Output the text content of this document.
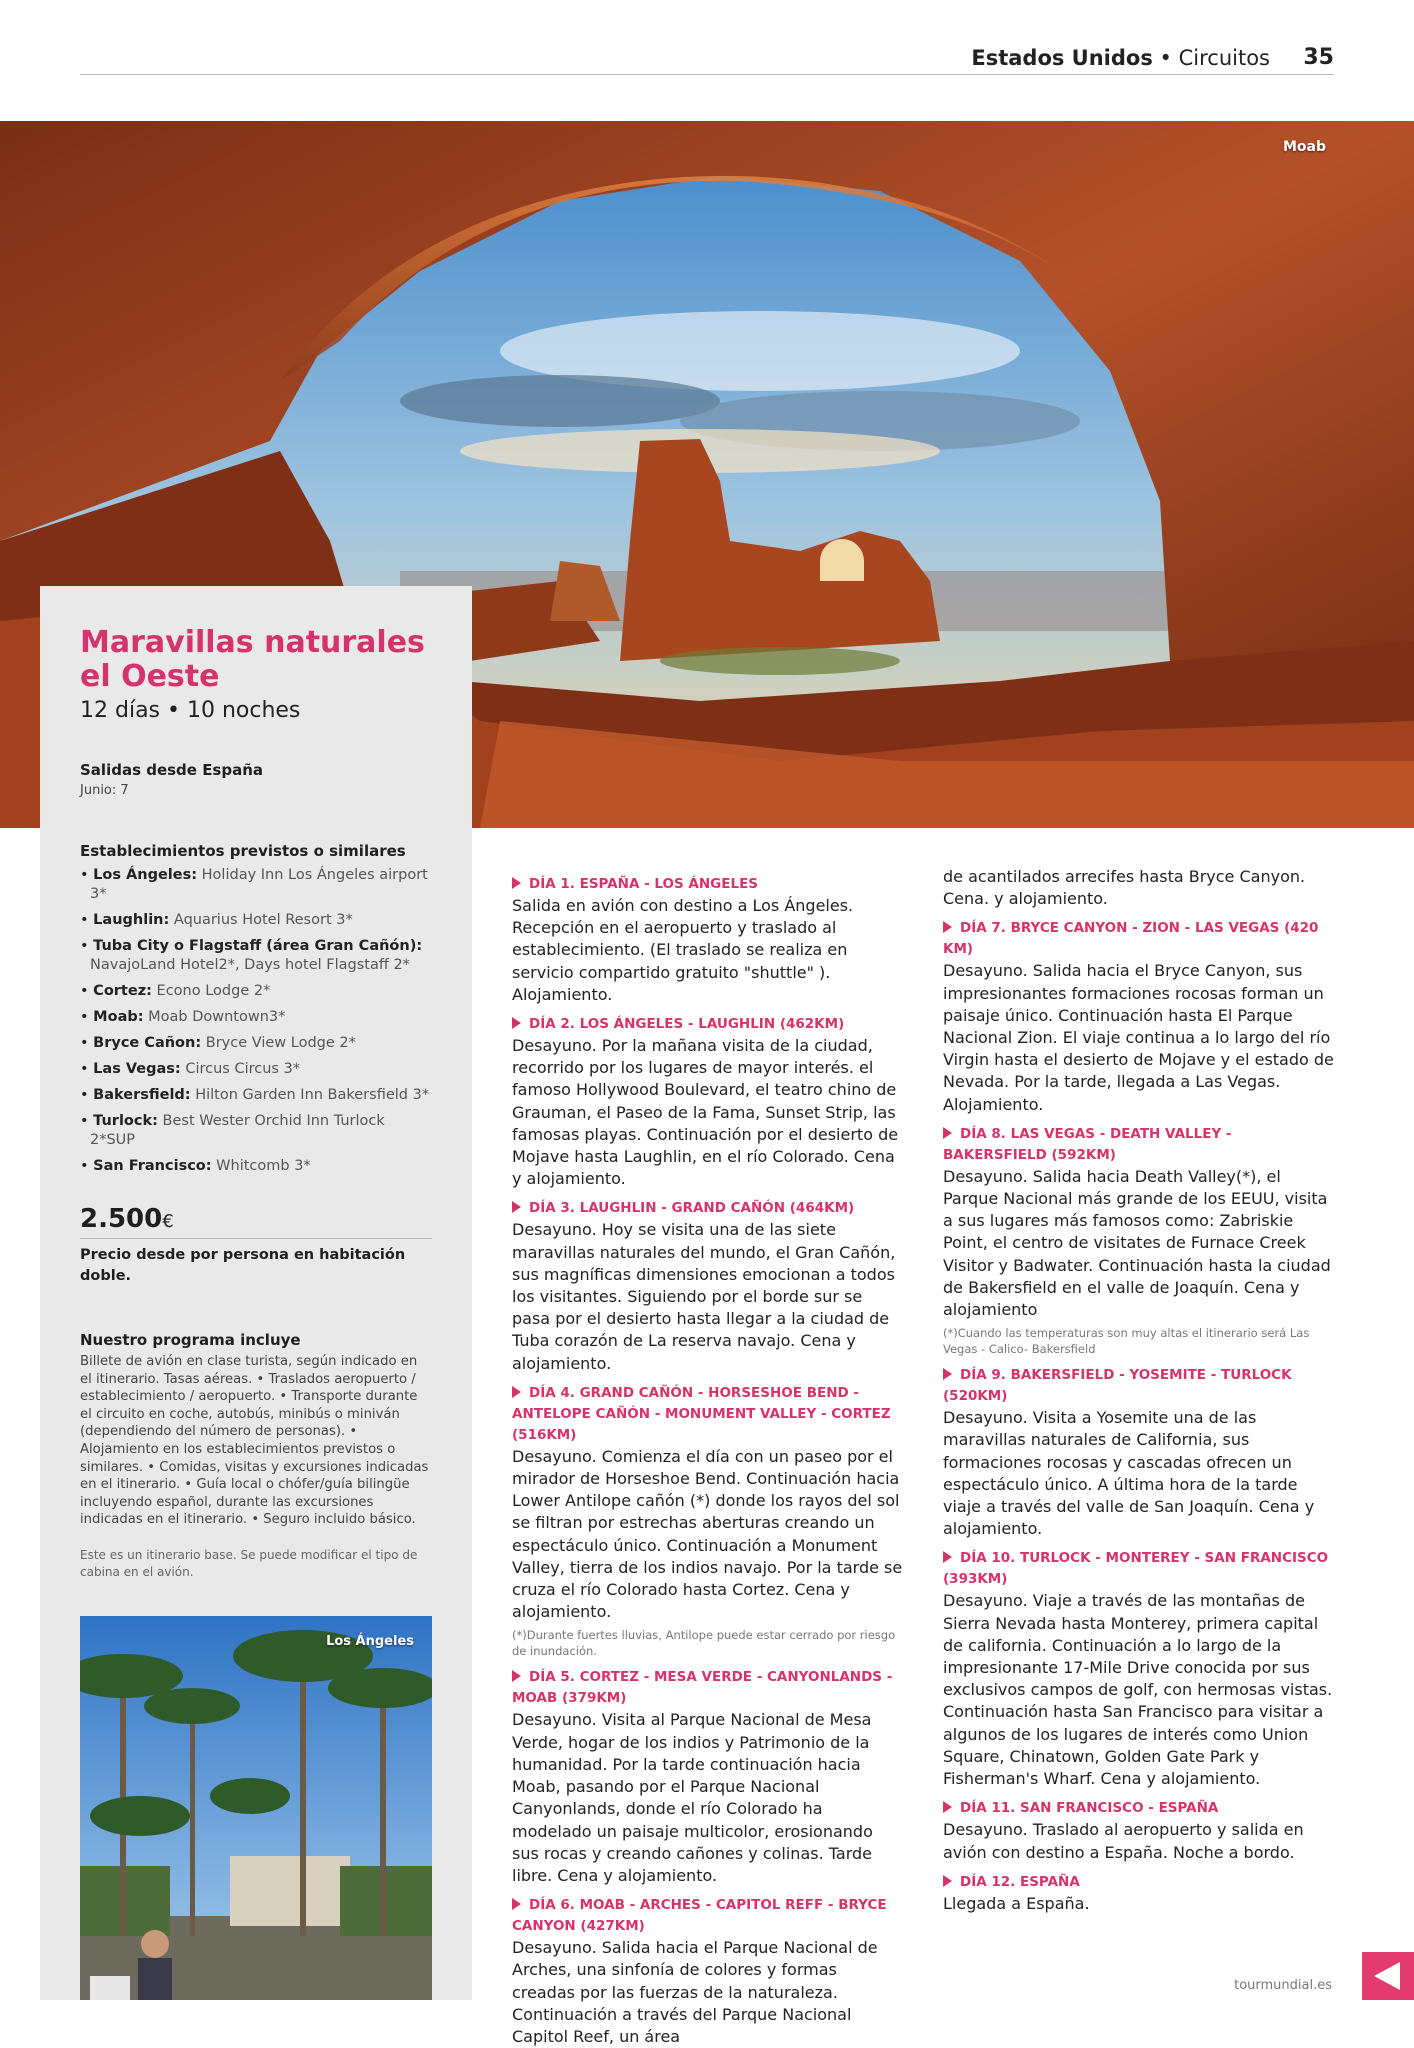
Estados Unidos • Circuitos 35
Moab
Maravillas naturales
el Oeste
12 días • 10 noches
Salidas desde España
Junio: 7
Establecimientos previstos o similares
• Los Ángeles: Holiday Inn Los Ángeles airport 3*
• Laughlin: Aquarius Hotel Resort 3*
• Tuba City o Flagstaff (área Gran Cañón): NavajoLand Hotel2*, Days hotel Flagstaff 2*
• Cortez: Econo Lodge 2*
• Moab: Moab Downtown3*
• Bryce Cañon: Bryce View Lodge 2*
• Las Vegas: Circus Circus 3*
• Bakersfield: Hilton Garden Inn Bakersfield 3*
• Turlock: Best Wester Orchid Inn Turlock 2*SUP
• San Francisco: Whitcomb 3*
2.500€
Precio desde por persona en habitación doble.
Nuestro programa incluye
Billete de avión en clase turista, según indicado en el itinerario. Tasas aéreas. • Traslados aeropuerto / establecimiento / aeropuerto. • Transporte durante el circuito en coche, autobús, minibús o miniván (dependiendo del número de personas). • Alojamiento en los establecimientos previstos o similares. • Comidas, visitas y excursiones indicadas en el itinerario. • Guía local o chófer/guía bilingüe incluyendo español, durante las excursiones indicadas en el itinerario. • Seguro incluido básico.
Este es un itinerario base. Se puede modificar el tipo de cabina en el avión.
Los Ángeles
DÍA 1. ESPAÑA - LOS ÁNGELES
Salida en avión con destino a Los Ángeles. Recepción en el aeropuerto y traslado al establecimiento. (El traslado se realiza en servicio compartido gratuito "shuttle" ). Alojamiento.
DÍA 2. LOS ÁNGELES - LAUGHLIN (462KM)
Desayuno. Por la mañana visita de la ciudad, recorrido por los lugares de mayor interés. el famoso Hollywood Boulevard, el teatro chino de Grauman, el Paseo de la Fama, Sunset Strip, las famosas playas. Continuación por el desierto de Mojave hasta Laughlin, en el río Colorado. Cena y alojamiento.
DÍA 3. LAUGHLIN - GRAND CAÑÓN (464KM)
Desayuno. Hoy se visita una de las siete maravillas naturales del mundo, el Gran Cañón, sus magníficas dimensiones emocionan a todos los visitantes. Siguiendo por el borde sur se pasa por el desierto hasta llegar a la ciudad de Tuba corazón de La reserva navajo. Cena y alojamiento.
DÍA 4. GRAND CAÑÓN - HORSESHOE BEND - ANTELOPE CAÑÓN - MONUMENT VALLEY - CORTEZ (516KM)
Desayuno. Comienza el día con un paseo por el mirador de Horseshoe Bend. Continuación hacia Lower Antilope cañón (*) donde los rayos del sol se filtran por estrechas aberturas creando un espectáculo único. Continuación a Monument Valley, tierra de los indios navajo. Por la tarde se cruza el río Colorado hasta Cortez. Cena y alojamiento.
(*)Durante fuertes lluvias, Antilope puede estar cerrado por riesgo de inundación.
DÍA 5. CORTEZ - MESA VERDE - CANYONLANDS - MOAB (379KM)
Desayuno. Visita al Parque Nacional de Mesa Verde, hogar de los indios y Patrimonio de la humanidad. Por la tarde continuación hacia Moab, pasando por el Parque Nacional Canyonlands, donde el río Colorado ha modelado un paisaje multicolor, erosionando sus rocas y creando cañones y colinas. Tarde libre. Cena y alojamiento.
DÍA 6. MOAB - ARCHES - CAPITOL REFF - BRYCE CANYON (427KM)
Desayuno. Salida hacia el Parque Nacional de Arches, una sinfonía de colores y formas creadas por las fuerzas de la naturaleza. Continuación a través del Parque Nacional Capitol Reef, un área
de acantilados arrecifes hasta Bryce Canyon. Cena. y alojamiento.
DÍA 7. BRYCE CANYON - ZION - LAS VEGAS (420 KM)
Desayuno. Salida hacia el Bryce Canyon, sus impresionantes formaciones rocosas forman un paisaje único. Continuación hasta El Parque Nacional Zion. El viaje continua a lo largo del río Virgin hasta el desierto de Mojave y el estado de Nevada. Por la tarde, llegada a Las Vegas. Alojamiento.
DÍA 8. LAS VEGAS - DEATH VALLEY - BAKERSFIELD (592KM)
Desayuno. Salida hacia Death Valley(*), el Parque Nacional más grande de los EEUU, visita a sus lugares más famosos como: Zabriskie Point, el centro de visitates de Furnace Creek Visitor y Badwater. Continuación hasta la ciudad de Bakersfield en el valle de Joaquín. Cena y alojamiento
(*)Cuando las temperaturas son muy altas el itinerario será Las Vegas - Calico- Bakersfield
DÍA 9. BAKERSFIELD - YOSEMITE - TURLOCK (520KM)
Desayuno. Visita a Yosemite una de las maravillas naturales de California, sus formaciones rocosas y cascadas ofrecen un espectáculo único. A última hora de la tarde viaje a través del valle de San Joaquín. Cena y alojamiento.
DÍA 10. TURLOCK - MONTEREY - SAN FRANCISCO (393KM)
Desayuno. Viaje a través de las montañas de Sierra Nevada hasta Monterey, primera capital de california. Continuación a lo largo de la impresionante 17-Mile Drive conocida por sus exclusivos campos de golf, con hermosas vistas. Continuación hasta San Francisco para visitar a algunos de los lugares de interés como Union Square, Chinatown, Golden Gate Park y Fisherman's Wharf. Cena y alojamiento.
DÍA 11. SAN FRANCISCO - ESPAÑA
Desayuno. Traslado al aeropuerto y salida en avión con destino a España. Noche a bordo.
DÍA 12. ESPAÑA
Llegada a España.
tourmundial.es
